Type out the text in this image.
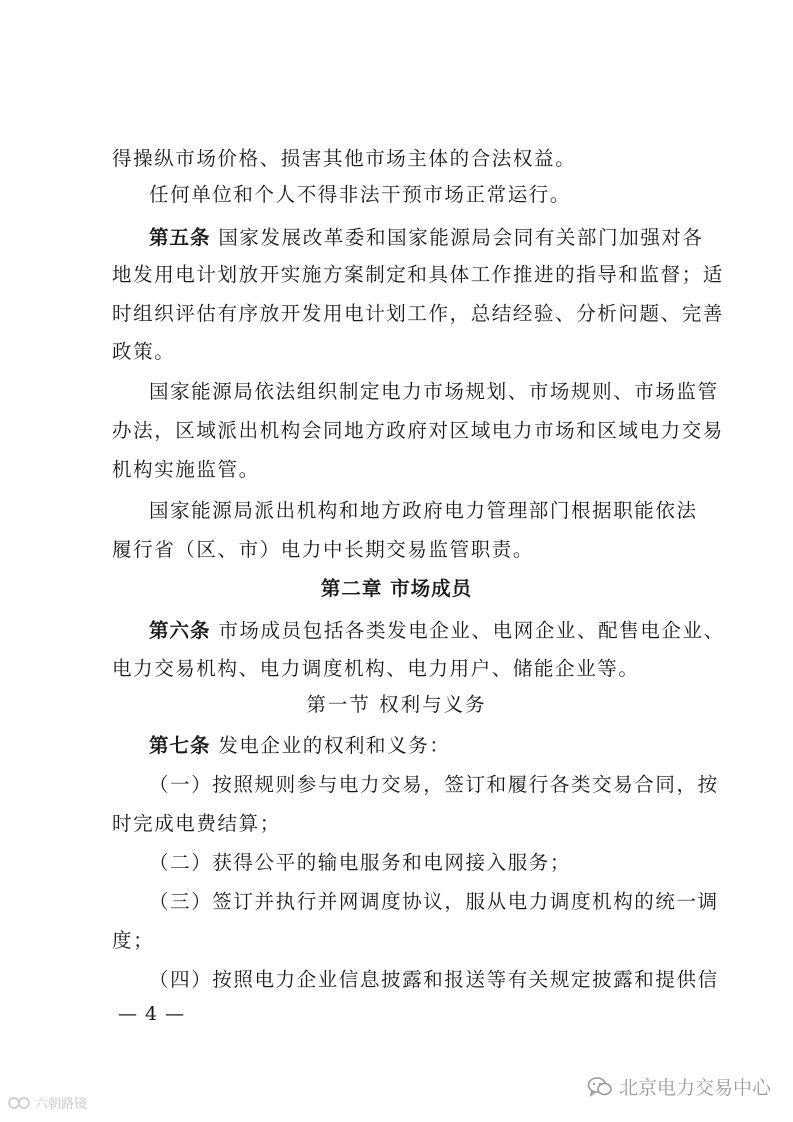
得操纵市场价格、损害其他市场主体的合法权益。
任何单位和个人不得非法干预市场正常运行。
第五条 国家发展改革委和国家能源局会同有关部门加强对各
地发用电计划放开实施方案制定和具体工作推进的指导和监督；适
时组织评估有序放开发用电计划工作，总结经验、分析问题、完善
政策。
国家能源局依法组织制定电力市场规划、市场规则、市场监管
办法，区域派出机构会同地方政府对区域电力市场和区域电力交易
机构实施监管。
国家能源局派出机构和地方政府电力管理部门根据职能依法
履行省（区、市）电力中长期交易监管职责。
第二章 市场成员
第六条 市场成员包括各类发电企业、电网企业、配售电企业、
电力交易机构、电力调度机构、电力用户、储能企业等。
第一节 权利与义务
第七条 发电企业的权利和义务：
（一）按照规则参与电力交易，签订和履行各类交易合同，按
时完成电费结算；
（二）获得公平的输电服务和电网接入服务；
（三）签订并执行并网调度协议，服从电力调度机构的统一调
度；
（四）按照电力企业信息披露和报送等有关规定披露和提供信
— 4 —
北京电力交易中心
六朝路镜
